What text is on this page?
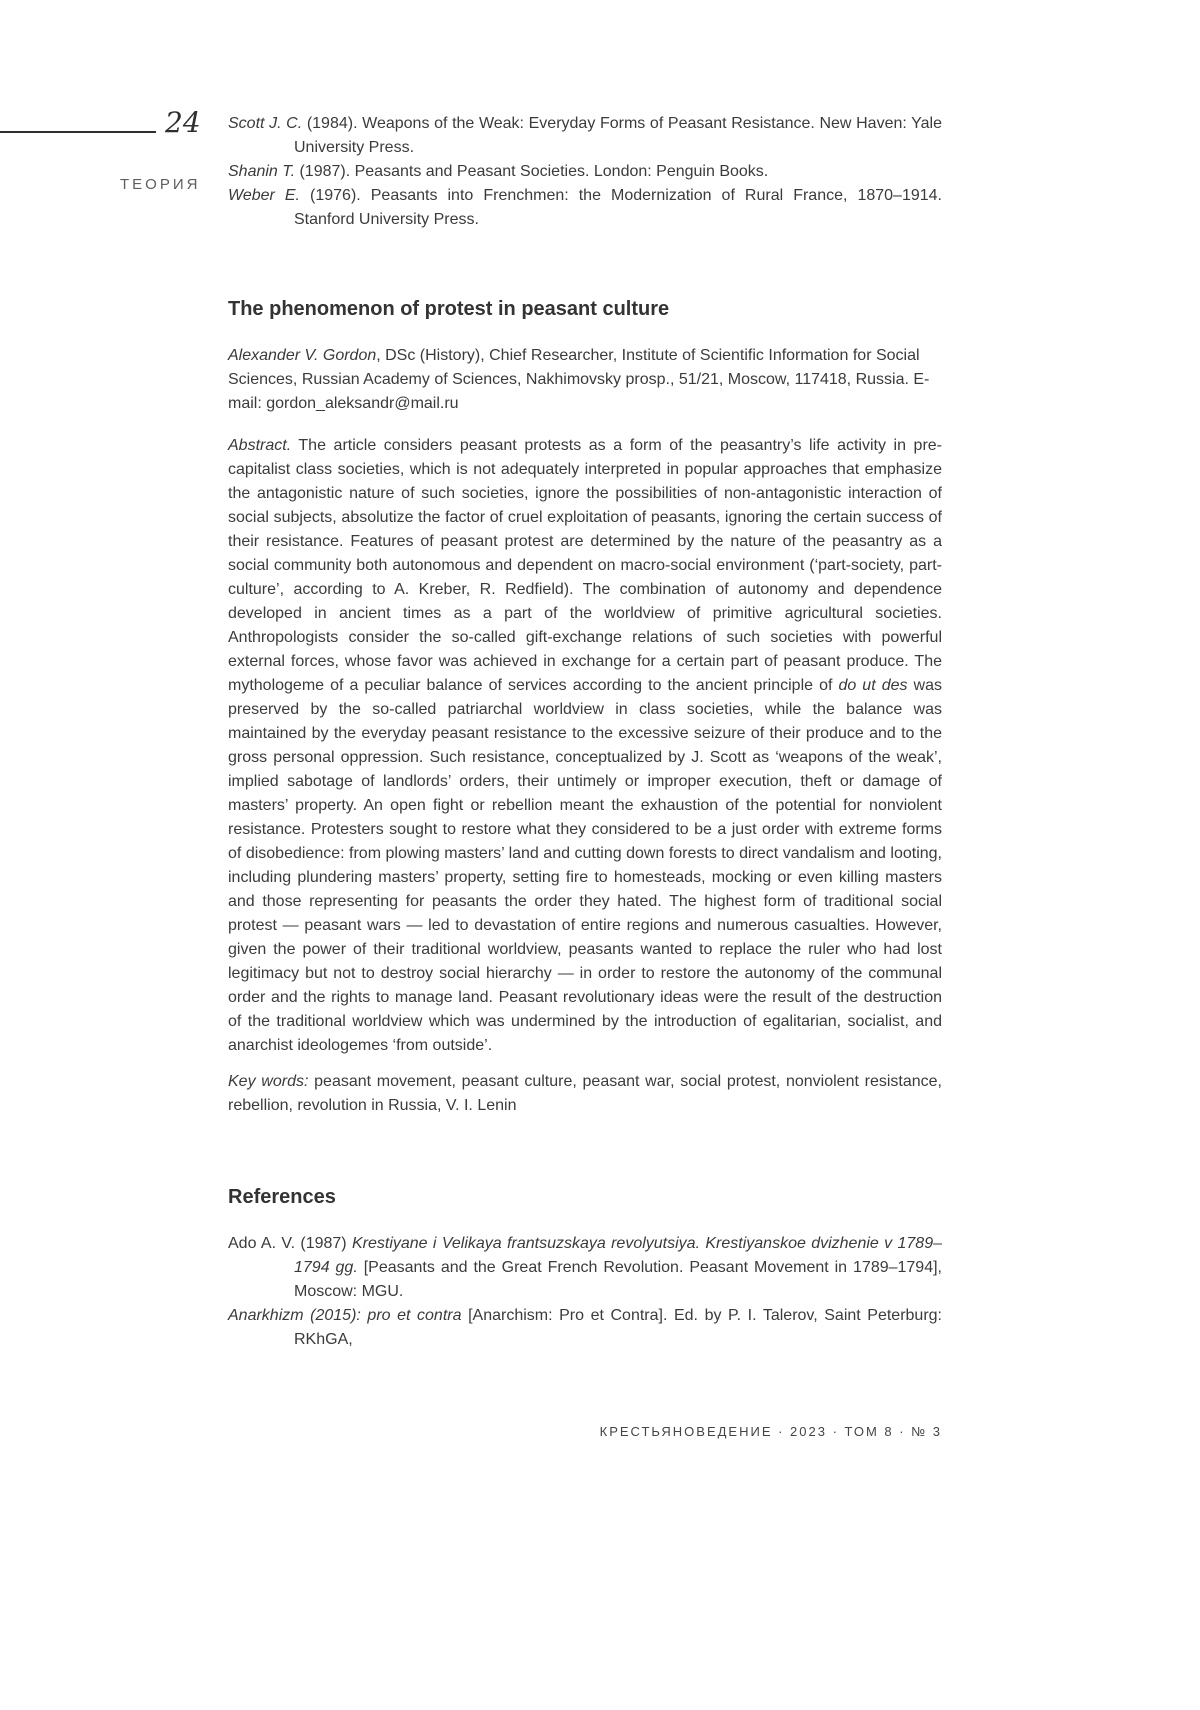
24
ТЕОРИЯ

Scott J. C. (1984). Weapons of the Weak: Everyday Forms of Peasant Resistance. New Haven: Yale University Press.

Shanin T. (1987). Peasants and Peasant Societies. London: Penguin Books.

Weber E. (1976). Peasants into Frenchmen: the Modernization of Rural France, 1870–1914. Stanford University Press.

The phenomenon of protest in peasant culture

Alexander V. Gordon, DSc (History), Chief Researcher, Institute of Scientific Information for Social Sciences, Russian Academy of Sciences, Nakhimovsky prosp., 51/21, Moscow, 117418, Russia. E-mail: gordon_aleksandr@mail.ru

Abstract. The article considers peasant protests as a form of the peasantry’s life activity in pre-capitalist class societies, which is not adequately interpreted in popular approaches that emphasize the antagonistic nature of such societies, ignore the possibilities of non-antagonistic interaction of social subjects, absolutize the factor of cruel exploitation of peasants, ignoring the certain success of their resistance. Features of peasant protest are determined by the nature of the peasantry as a social community both autonomous and dependent on macro-social environment (‘part-society, part-culture’, according to A. Kreber, R. Redfield). The combination of autonomy and dependence developed in ancient times as a part of the worldview of primitive agricultural societies. Anthropologists consider the so-called gift-exchange relations of such societies with powerful external forces, whose favor was achieved in exchange for a certain part of peasant produce. The mythologeme of a peculiar balance of services according to the ancient principle of do ut des was preserved by the so-called patriarchal worldview in class societies, while the balance was maintained by the everyday peasant resistance to the excessive seizure of their produce and to the gross personal oppression. Such resistance, conceptualized by J. Scott as ‘weapons of the weak’, implied sabotage of landlords’ orders, their untimely or improper execution, theft or damage of masters’ property. An open fight or rebellion meant the exhaustion of the potential for nonviolent resistance. Protesters sought to restore what they considered to be a just order with extreme forms of disobedience: from plowing masters’ land and cutting down forests to direct vandalism and looting, including plundering masters’ property, setting fire to homesteads, mocking or even killing masters and those representing for peasants the order they hated. The highest form of traditional social protest — peasant wars — led to devastation of entire regions and numerous casualties. However, given the power of their traditional worldview, peasants wanted to replace the ruler who had lost legitimacy but not to destroy social hierarchy — in order to restore the autonomy of the communal order and the rights to manage land. Peasant revolutionary ideas were the result of the destruction of the traditional worldview which was undermined by the introduction of egalitarian, socialist, and anarchist ideologemes ‘from outside’.

Key words: peasant movement, peasant culture, peasant war, social protest, nonviolent resistance, rebellion, revolution in Russia, V. I. Lenin

References

Ado A. V. (1987) Krestiyane i Velikaya frantsuzskaya revolyutsiya. Krestiyanskoe dvizhenie v 1789–1794 gg. [Peasants and the Great French Revolution. Peasant Movement in 1789–1794], Moscow: MGU.

Anarkhizm (2015): pro et contra [Anarchism: Pro et Contra]. Ed. by P. I. Talerov, Saint Peterburg: RKhGA,

КРЕСТЬЯНОВЕДЕНИЕ · 2023 · ТОМ 8 · № 3
